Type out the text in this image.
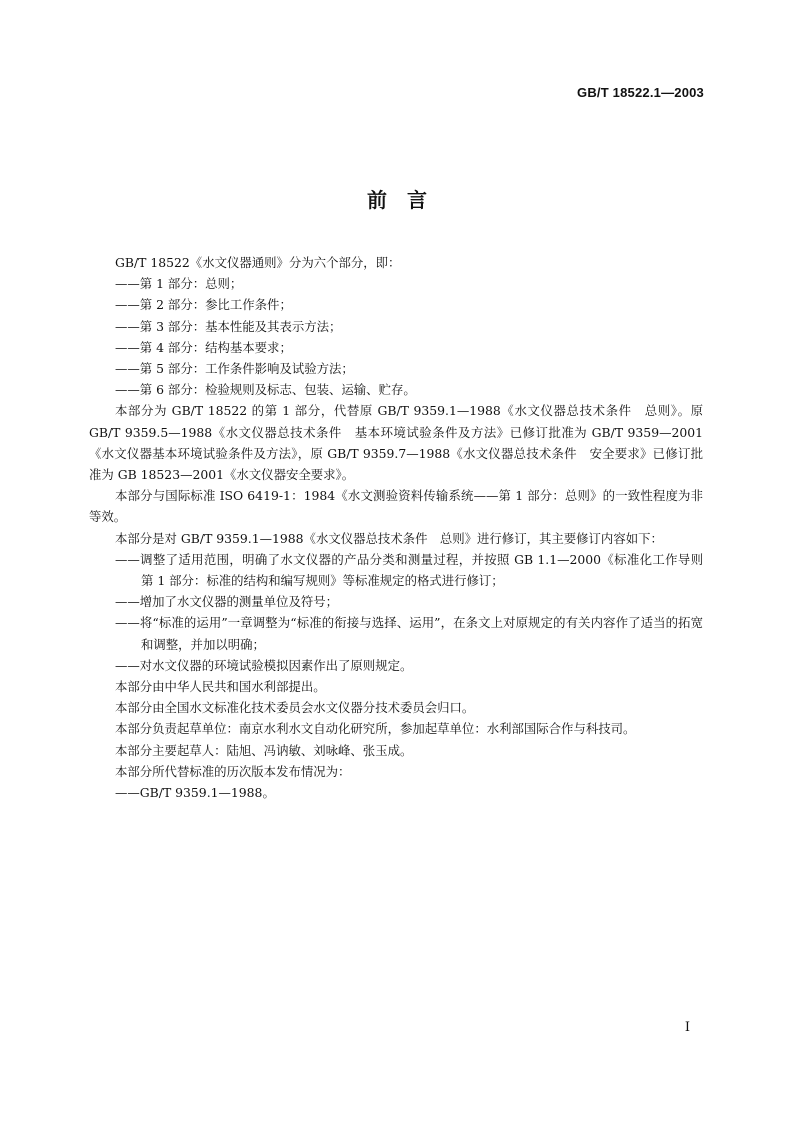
GB/T 18522.1—2003
前　言

GB/T 18522《水文仪器通则》分为六个部分，即：

——第 1 部分：总则；

——第 2 部分：参比工作条件；

——第 3 部分：基本性能及其表示方法；

——第 4 部分：结构基本要求；

——第 5 部分：工作条件影响及试验方法；

——第 6 部分：检验规则及标志、包装、运输、贮存。

本部分为 GB/T 18522 的第 1 部分，代替原 GB/T 9359.1—1988《水文仪器总技术条件　总则》。原 GB/T 9359.5—1988《水文仪器总技术条件　基本环境试验条件及方法》已修订批准为 GB/T 9359—2001《水文仪器基本环境试验条件及方法》，原 GB/T 9359.7—1988《水文仪器总技术条件　安全要求》已修订批准为 GB 18523—2001《水文仪器安全要求》。

本部分与国际标准 ISO 6419-1：1984《水文测验资料传输系统——第 1 部分：总则》的一致性程度为非等效。

本部分是对 GB/T 9359.1—1988《水文仪器总技术条件　总则》进行修订，其主要修订内容如下：

——调整了适用范围，明确了水文仪器的产品分类和测量过程，并按照 GB 1.1—2000《标准化工作导则　第 1 部分：标准的结构和编写规则》等标准规定的格式进行修订；

——增加了水文仪器的测量单位及符号；

——将“标准的运用”一章调整为“标准的衔接与选择、运用”，在条文上对原规定的有关内容作了适当的拓宽和调整，并加以明确；

——对水文仪器的环境试验模拟因素作出了原则规定。

本部分由中华人民共和国水利部提出。

本部分由全国水文标准化技术委员会水文仪器分技术委员会归口。

本部分负责起草单位：南京水利水文自动化研究所，参加起草单位：水利部国际合作与科技司。

本部分主要起草人：陆旭、冯讷敏、刘咏峰、张玉成。

本部分所代替标准的历次版本发布情况为：

——GB/T 9359.1—1988。

I
